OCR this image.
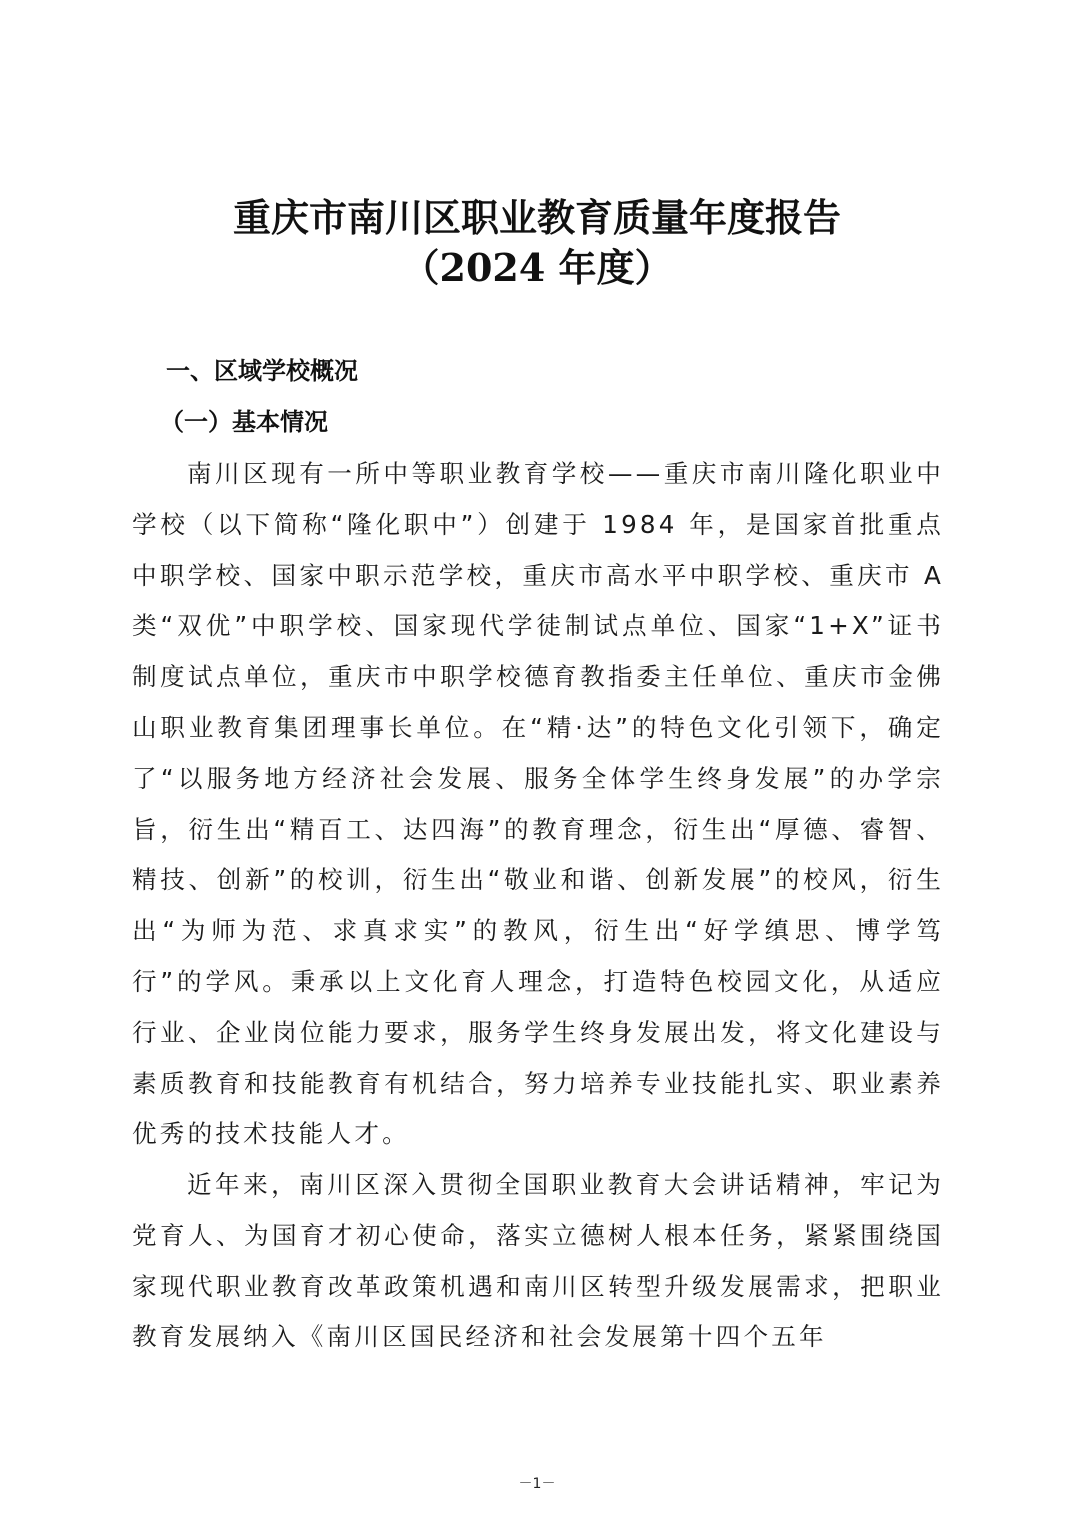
重庆市南川区职业教育质量年度报告
（2024 年度）
一、区域学校概况
（一）基本情况

南川区现有一所中等职业教育学校——重庆市南川隆化职业中学校（以下简称“隆化职中”）创建于 1984 年，是国家首批重点中职学校、国家中职示范学校，重庆市高水平中职学校、重庆市 A 类“双优”中职学校、国家现代学徒制试点单位、国家“1+X”证书制度试点单位，重庆市中职学校德育教指委主任单位、重庆市金佛山职业教育集团理事长单位。在“精·达”的特色文化引领下，确定了“以服务地方经济社会发展、服务全体学生终身发展”的办学宗旨，衍生出“精百工、达四海”的教育理念，衍生出“厚德、睿智、精技、创新”的校训，衍生出“敬业和谐、创新发展”的校风，衍生出“为师为范、求真求实”的教风，衍生出“好学缜思、博学笃行”的学风。秉承以上文化育人理念，打造特色校园文化，从适应行业、企业岗位能力要求，服务学生终身发展出发，将文化建设与素质教育和技能教育有机结合，努力培养专业技能扎实、职业素养优秀的技术技能人才。

近年来，南川区深入贯彻全国职业教育大会讲话精神，牢记为党育人、为国育才初心使命，落实立德树人根本任务，紧紧围绕国家现代职业教育改革政策机遇和南川区转型升级发展需求，把职业教育发展纳入《南川区国民经济和社会发展第十四个五年

－1－
